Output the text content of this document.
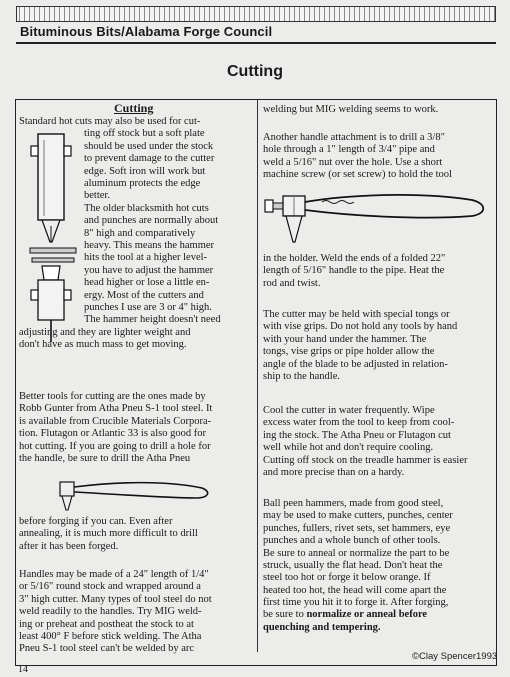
Bituminous Bits/Alabama Forge Council
Cutting
Cutting
Standard hot cuts may also be used for cut-
ting off stock but a soft plate
should be used under the stock
to prevent damage to the cutter
edge. Soft iron will work but
aluminum protects the edge
better.
The older blacksmith hot cuts
and punches are normally about
8" high and comparatively
heavy. This means the hammer
hits the tool at a higher level-
you have to adjust the hammer
head higher or lose a little en-
ergy. Most of the cutters and
punches I use are 3 or 4" high.
The hammer height doesn't need
adjusting and they are lighter weight and
don't have as much mass to get moving.
Better tools for cutting are the ones made by
Robb Gunter from Atha Pneu S-1 tool steel. It
is available from Crucible Materials Corpora-
tion. Flutagon or Atlantic 33 is also good for
hot cutting. If you are going to drill a hole for
the handle, be sure to drill the Atha Pneu
before forging if you can. Even after
annealing, it is much more difficult to drill
after it has been forged.
Handles may be made of a 24" length of 1/4"
or 5/16" round stock and wrapped around a
3" high cutter. Many types of tool steel do not
weld readily to the handles. Try MIG weld-
ing or preheat and postheat the stock to at
least 400° F before stick welding. The Atha
Pneu S-1 tool steel can't be welded by arc
welding but MIG welding seems to work.
Another handle attachment is to drill a 3/8"
hole through a 1" length of 3/4" pipe and
weld a 5/16" nut over the hole. Use a short
machine screw (or set screw) to hold the tool
in the holder. Weld the ends of a folded 22"
length of 5/16" handle to the pipe. Heat the
rod and twist.
The cutter may be held with special tongs or
with vise grips. Do not hold any tools by hand
with your hand under the hammer. The
tongs, vise grips or pipe holder allow the
angle of the blade to be adjusted in relation-
ship to the handle.
Cool the cutter in water frequently. Wipe
excess water from the tool to keep from cool-
ing the stock. The Atha Pneu or Flutagon cut
well while hot and don't require cooling.
Cutting off stock on the treadle hammer is easier
and more precise than on a hardy.
Ball peen hammers, made from good steel,
may be used to make cutters, punches, center
punches, fullers, rivet sets, set hammers, eye
punches and a whole bunch of other tools.
Be sure to anneal or normalize the part to be
struck, usually the flat head. Don't heat the
steel too hot or forge it below orange. If
heated too hot, the head will come apart the
first time you hit it to forge it. After forging,
be sure to normalize or anneal before
quenching and tempering.
©Clay Spencer1993
14
